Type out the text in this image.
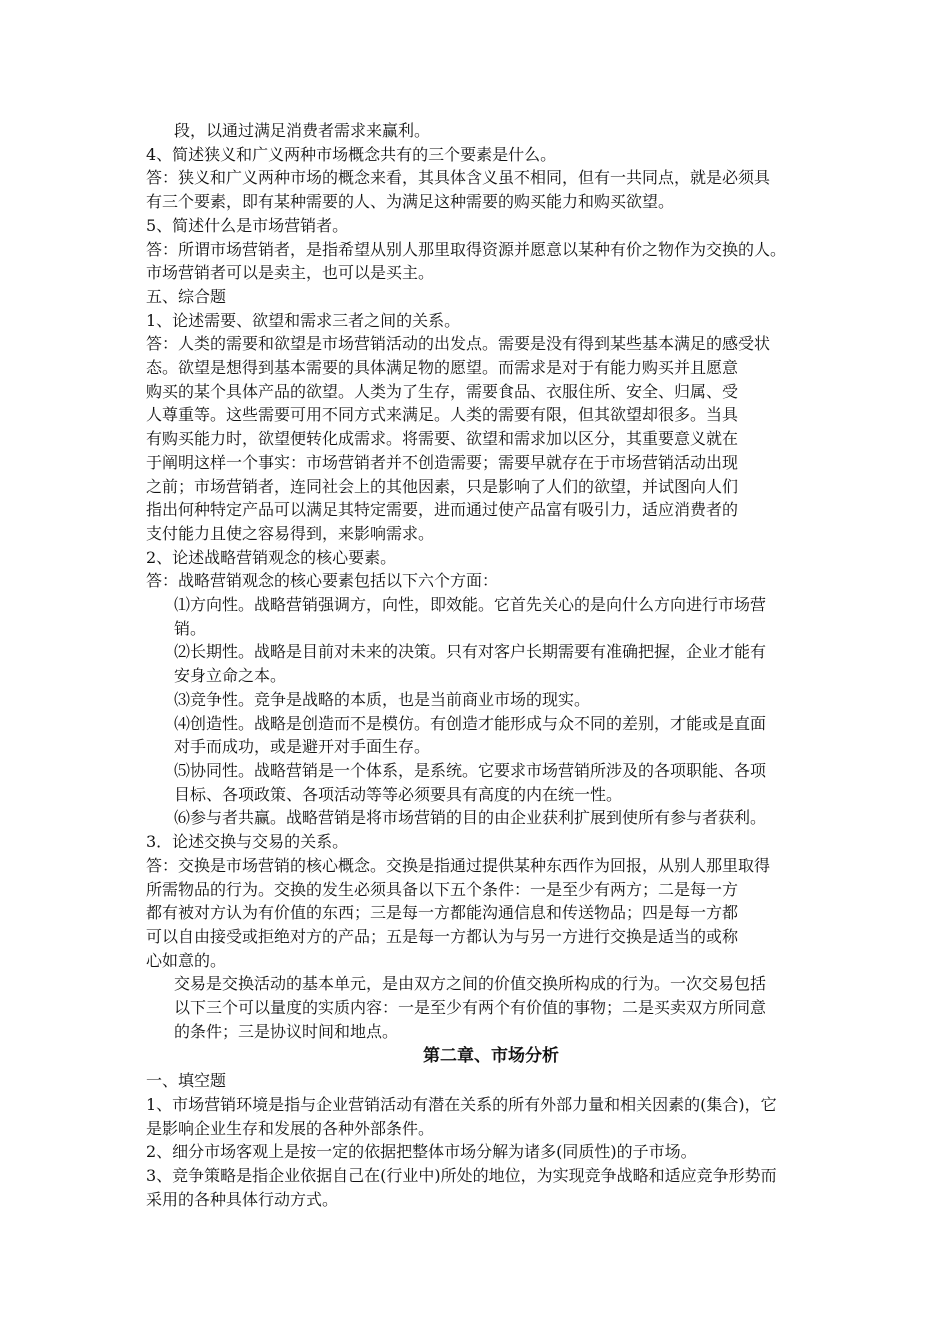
段，以通过满足消费者需求来赢利。
4、简述狭义和广义两种市场概念共有的三个要素是什么。
答：狭义和广义两种市场的概念来看，其具体含义虽不相同，但有一共同点，就是必须具
有三个要素，即有某种需要的人、为满足这种需要的购买能力和购买欲望。
5、简述什么是市场营销者。
答：所谓市场营销者，是指希望从别人那里取得资源并愿意以某种有价之物作为交换的人。
市场营销者可以是卖主，也可以是买主。
五、综合题
1、论述需要、欲望和需求三者之间的关系。
答：人类的需要和欲望是市场营销活动的出发点。需要是没有得到某些基本满足的感受状
态。欲望是想得到基本需要的具体满足物的愿望。而需求是对于有能力购买并且愿意
购买的某个具体产品的欲望。人类为了生存，需要食品、衣服住所、安全、归属、受
人尊重等。这些需要可用不同方式来满足。人类的需要有限，但其欲望却很多。当具
有购买能力时，欲望便转化成需求。将需要、欲望和需求加以区分，其重要意义就在
于阐明这样一个事实：市场营销者并不创造需要；需要早就存在于市场营销活动出现
之前；市场营销者，连同社会上的其他因素，只是影响了人们的欲望，并试图向人们
指出何种特定产品可以满足其特定需要，进而通过使产品富有吸引力，适应消费者的
支付能力且使之容易得到，来影响需求。
2、论述战略营销观念的核心要素。
答：战略营销观念的核心要素包括以下六个方面：
⑴方向性。战略营销强调方，向性，即效能。它首先关心的是向什么方向进行市场营
销。
⑵长期性。战略是目前对未来的决策。只有对客户长期需要有准确把握，企业才能有
安身立命之本。
⑶竞争性。竞争是战略的本质，也是当前商业市场的现实。
⑷创造性。战略是创造而不是模仿。有创造才能形成与众不同的差别，才能或是直面
对手而成功，或是避开对手面生存。
⑸协同性。战略营销是一个体系，是系统。它要求市场营销所涉及的各项职能、各项
目标、各项政策、各项活动等等必须要具有高度的内在统一性。
⑹参与者共赢。战略营销是将市场营销的目的由企业获利扩展到使所有参与者获利。
3．论述交换与交易的关系。
答：交换是市场营销的核心概念。交换是指通过提供某种东西作为回报，从别人那里取得
所需物品的行为。交换的发生必须具备以下五个条件：一是至少有两方；二是每一方
都有被对方认为有价值的东西；三是每一方都能沟通信息和传送物品；四是每一方都
可以自由接受或拒绝对方的产品；五是每一方都认为与另一方进行交换是适当的或称
心如意的。
交易是交换活动的基本单元，是由双方之间的价值交换所构成的行为。一次交易包括
以下三个可以量度的实质内容：一是至少有两个有价值的事物；二是买卖双方所同意
的条件；三是协议时间和地点。
第二章、市场分析
一、填空题
1、市场营销环境是指与企业营销活动有潜在关系的所有外部力量和相关因素的(集合)，它
是影响企业生存和发展的各种外部条件。
2、细分市场客观上是按一定的依据把整体市场分解为诸多(同质性)的子市场。
3、竞争策略是指企业依据自己在(行业中)所处的地位，为实现竞争战略和适应竞争形势而
采用的各种具体行动方式。
